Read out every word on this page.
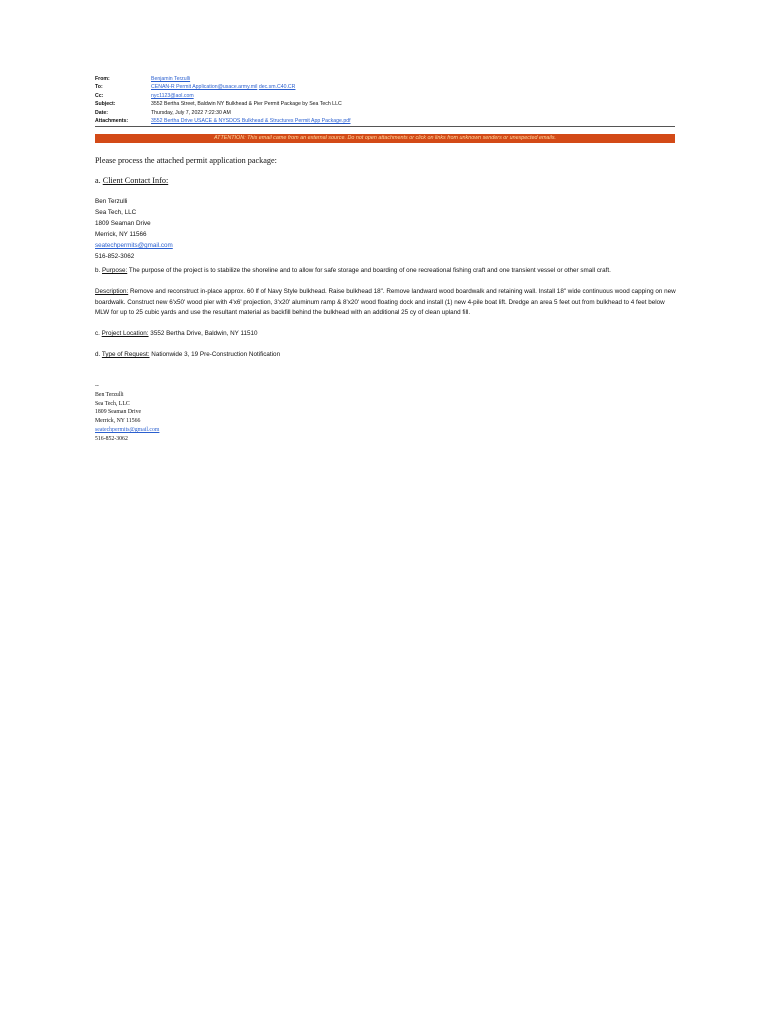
From:	Benjamin Terzulli
To:	CENAN-R Permit Application@usace.army.mil
dec.sm.C40.CR
Cc:	nyc1123@aol.com
Subject:	3552 Bertha Street, Baldwin NY Bulkhead & Pier Permit Package by Sea Tech LLC
Date:	Thursday, July 7, 2022 7:22:30 AM
Attachments:	3552 Bertha Drive USACE & NYSDOS Bulkhead & Structures Permit App Package.pdf
ATTENTION: This email came from an external source. Do not open attachments or click on links from unknown senders or unexpected emails.
Please process the attached permit application package:
a. Client Contact Info:
Ben Terzulli
Sea Tech, LLC
1809 Seaman Drive
Merrick, NY 11566
seatechpermits@gmail.com
516-852-3062
b. Purpose: The purpose of the project is to stabilize the shoreline and to allow for safe storage and boarding of one recreational fishing craft and one transient vessel or other small craft.
Description: Remove and reconstruct in-place approx. 60 lf of Navy Style bulkhead. Raise bulkhead 18". Remove landward wood boardwalk and retaining wall. Install 18" wide continuous wood capping on new boardwalk. Construct new 6'x50' wood pier with 4'x6' projection, 3'x20' aluminum ramp & 8'x20' wood floating dock and install (1) new 4-pile boat lift. Dredge an area 5 feet out from bulkhead to 4 feet below MLW for up to 25 cubic yards and use the resultant material as backfill behind the bulkhead with an additional 25 cy of clean upland fill.
c. Project Location: 3552 Bertha Drive, Baldwin, NY 11510
d. Type of Request: Nationwide 3, 19 Pre-Construction Notification
--
Ben Terzulli
Sea Tech, LLC
1809 Seaman Drive
Merrick, NY 11566
seatechpermits@gmail.com
516-852-3062
